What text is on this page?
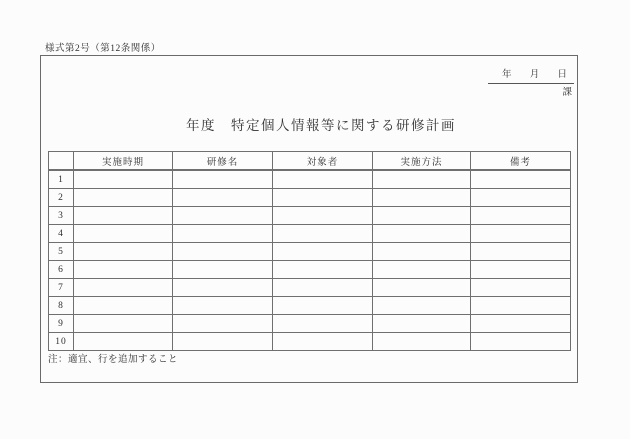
様式第2号（第12条関係）
年 月 日
課
年度　特定個人情報等に関する研修計画
	実施時期	研修名	対象者	実施方法	備考
1					
2					
3					
4					
5					
6					
7					
8					
9					
10					
注：適宜、行を追加すること
